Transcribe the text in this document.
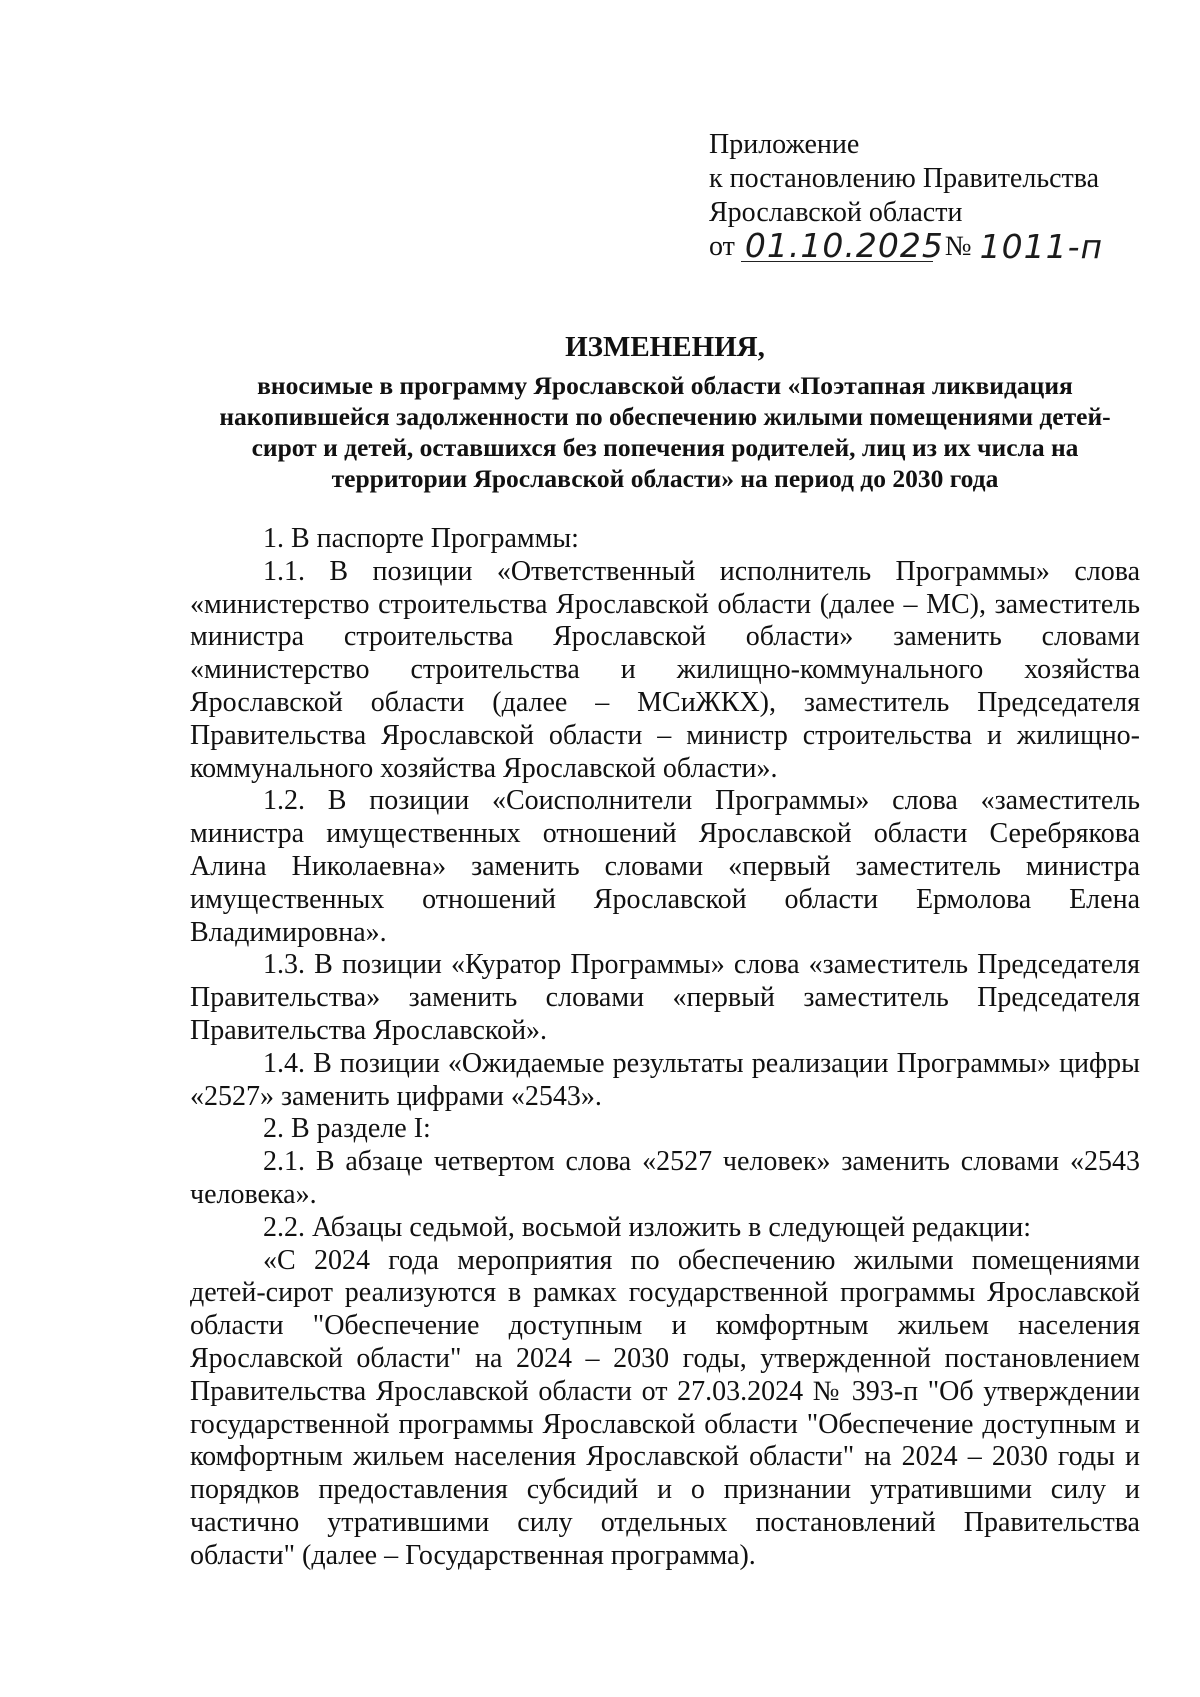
Приложение
к постановлению Правительства
Ярославской области
от 01.10.2025 № 1011-п

ИЗМЕНЕНИЯ,

вносимые в программу Ярославской области «Поэтапная ликвидация накопившейся задолженности по обеспечению жилыми помещениями детей-сирот и детей, оставшихся без попечения родителей, лиц из их числа на территории Ярославской области» на период до 2030 года

1. В паспорте Программы:

1.1. В позиции «Ответственный исполнитель Программы» слова «министерство строительства Ярославской области (далее – МС), заместитель министра строительства Ярославской области» заменить словами «министерство строительства и жилищно-коммунального хозяйства Ярославской области (далее – МСиЖКХ), заместитель Председателя Правительства Ярославской области – министр строительства и жилищно-коммунального хозяйства Ярославской области».

1.2. В позиции «Соисполнители Программы» слова «заместитель министра имущественных отношений Ярославской области Серебрякова Алина Николаевна» заменить словами «первый заместитель министра имущественных отношений Ярославской области Ермолова Елена Владимировна».

1.3. В позиции «Куратор Программы» слова «заместитель Председателя Правительства» заменить словами «первый заместитель Председателя Правительства Ярославской».

1.4. В позиции «Ожидаемые результаты реализации Программы» цифры «2527» заменить цифрами «2543».

2. В разделе I:

2.1. В абзаце четвертом слова «2527 человек» заменить словами «2543 человека».

2.2. Абзацы седьмой, восьмой изложить в следующей редакции:

«С 2024 года мероприятия по обеспечению жилыми помещениями детей-сирот реализуются в рамках государственной программы Ярославской области "Обеспечение доступным и комфортным жильем населения Ярославской области" на 2024 – 2030 годы, утвержденной постановлением Правительства Ярославской области от 27.03.2024 № 393-п "Об утверждении государственной программы Ярославской области "Обеспечение доступным и комфортным жильем населения Ярославской области" на 2024 – 2030 годы и порядков предоставления субсидий и о признании утратившими силу и частично утратившими силу отдельных постановлений Правительства области" (далее – Государственная программа).
